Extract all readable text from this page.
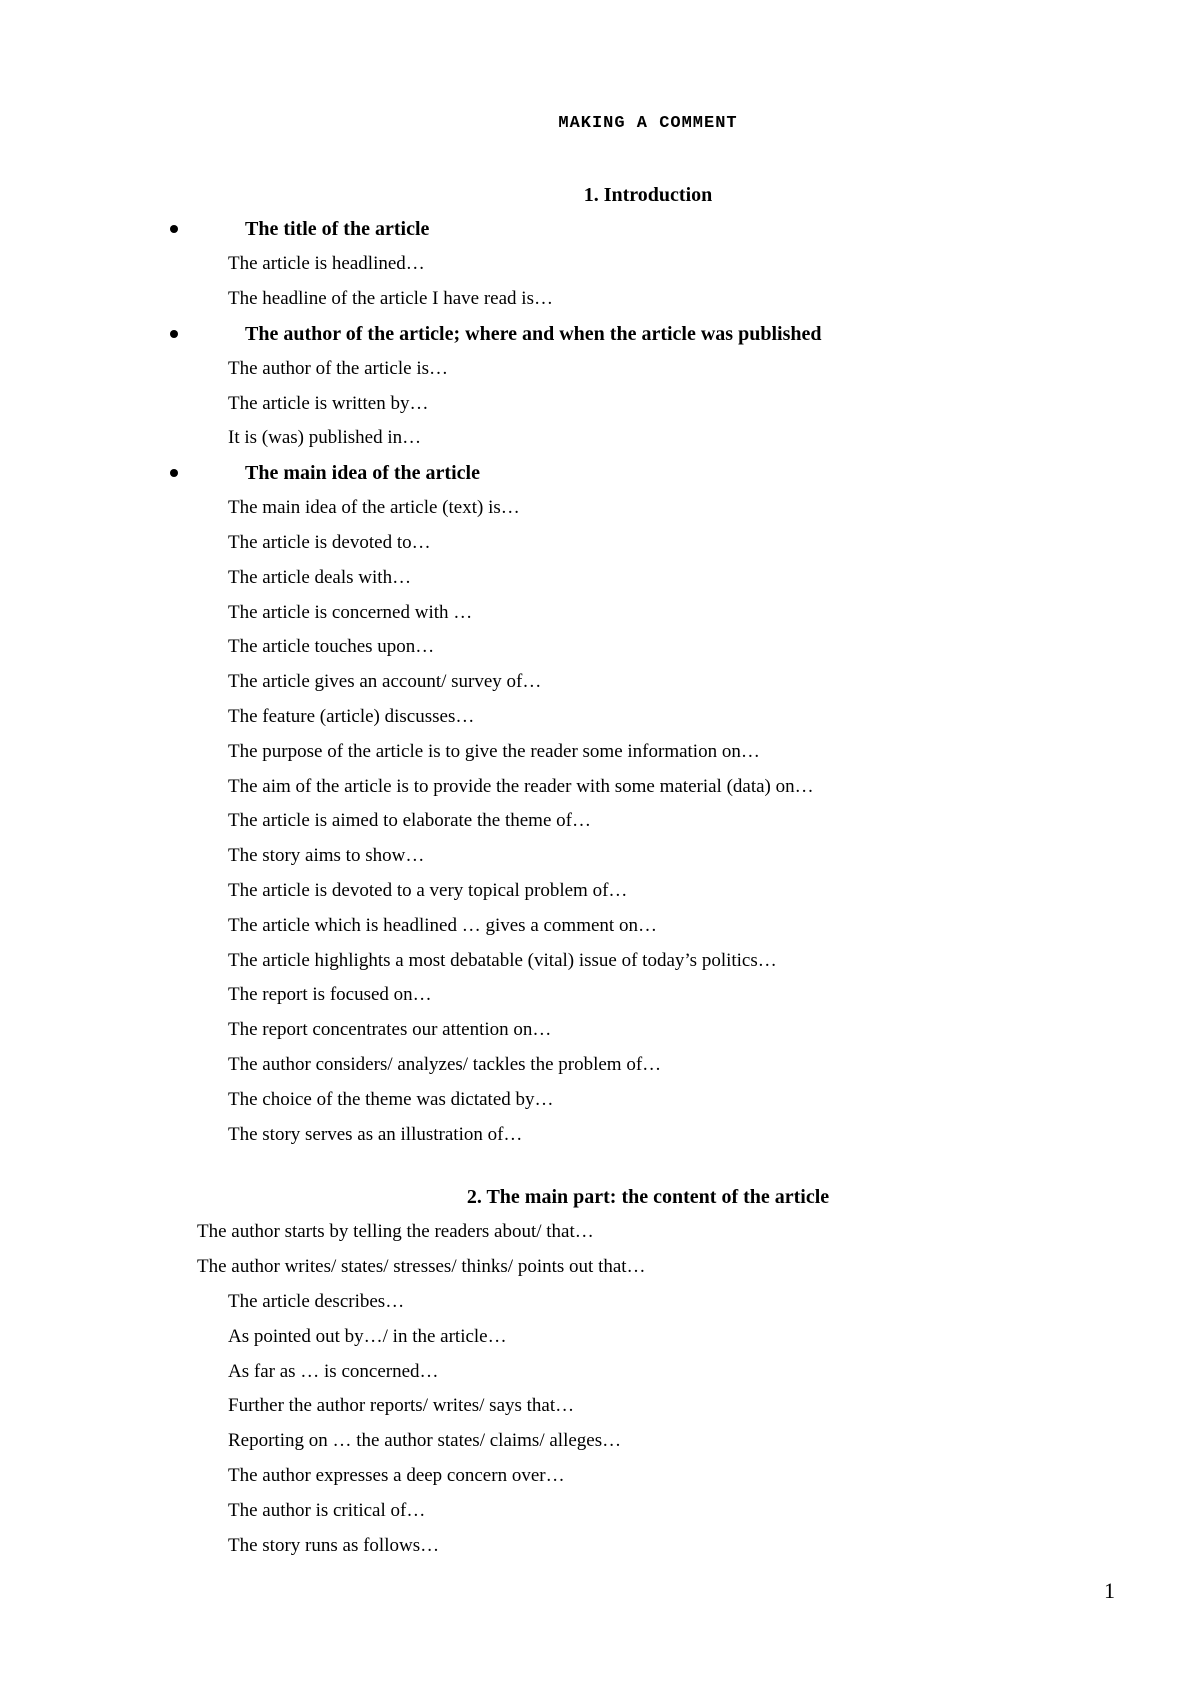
MAKING A COMMENT
1. Introduction
The title of the article
The article is headlined…
The headline of the article I have read is…
The author of the article; where and when the article was published
The author of the article is…
The article is written by…
It is (was) published in…
The main idea of the article
The main idea of the article (text) is…
The article is devoted to…
The article deals with…
The article is concerned with …
The article touches upon…
The article gives an account/ survey of…
The feature (article) discusses…
The purpose of the article is to give the reader some information on…
The aim of the article is to provide the reader with some material (data) on…
The article is aimed to elaborate the theme of…
The story aims to show…
The article is devoted to a very topical problem of…
The article which is headlined … gives a comment on…
The article highlights a most debatable (vital) issue of today’s politics…
The report is focused on…
The report concentrates our attention on…
The author considers/ analyzes/ tackles the problem of…
The choice of the theme was dictated by…
The story serves as an illustration of…
2. The main part: the content of the article
The author starts by telling the readers about/ that…
The author writes/ states/ stresses/ thinks/ points out that…
The article describes…
As pointed out by…/ in the article…
As far as … is concerned…
Further the author reports/ writes/ says that…
Reporting on … the author states/ claims/ alleges…
The author expresses a deep concern over…
The author is critical of…
The story runs as follows…
1
